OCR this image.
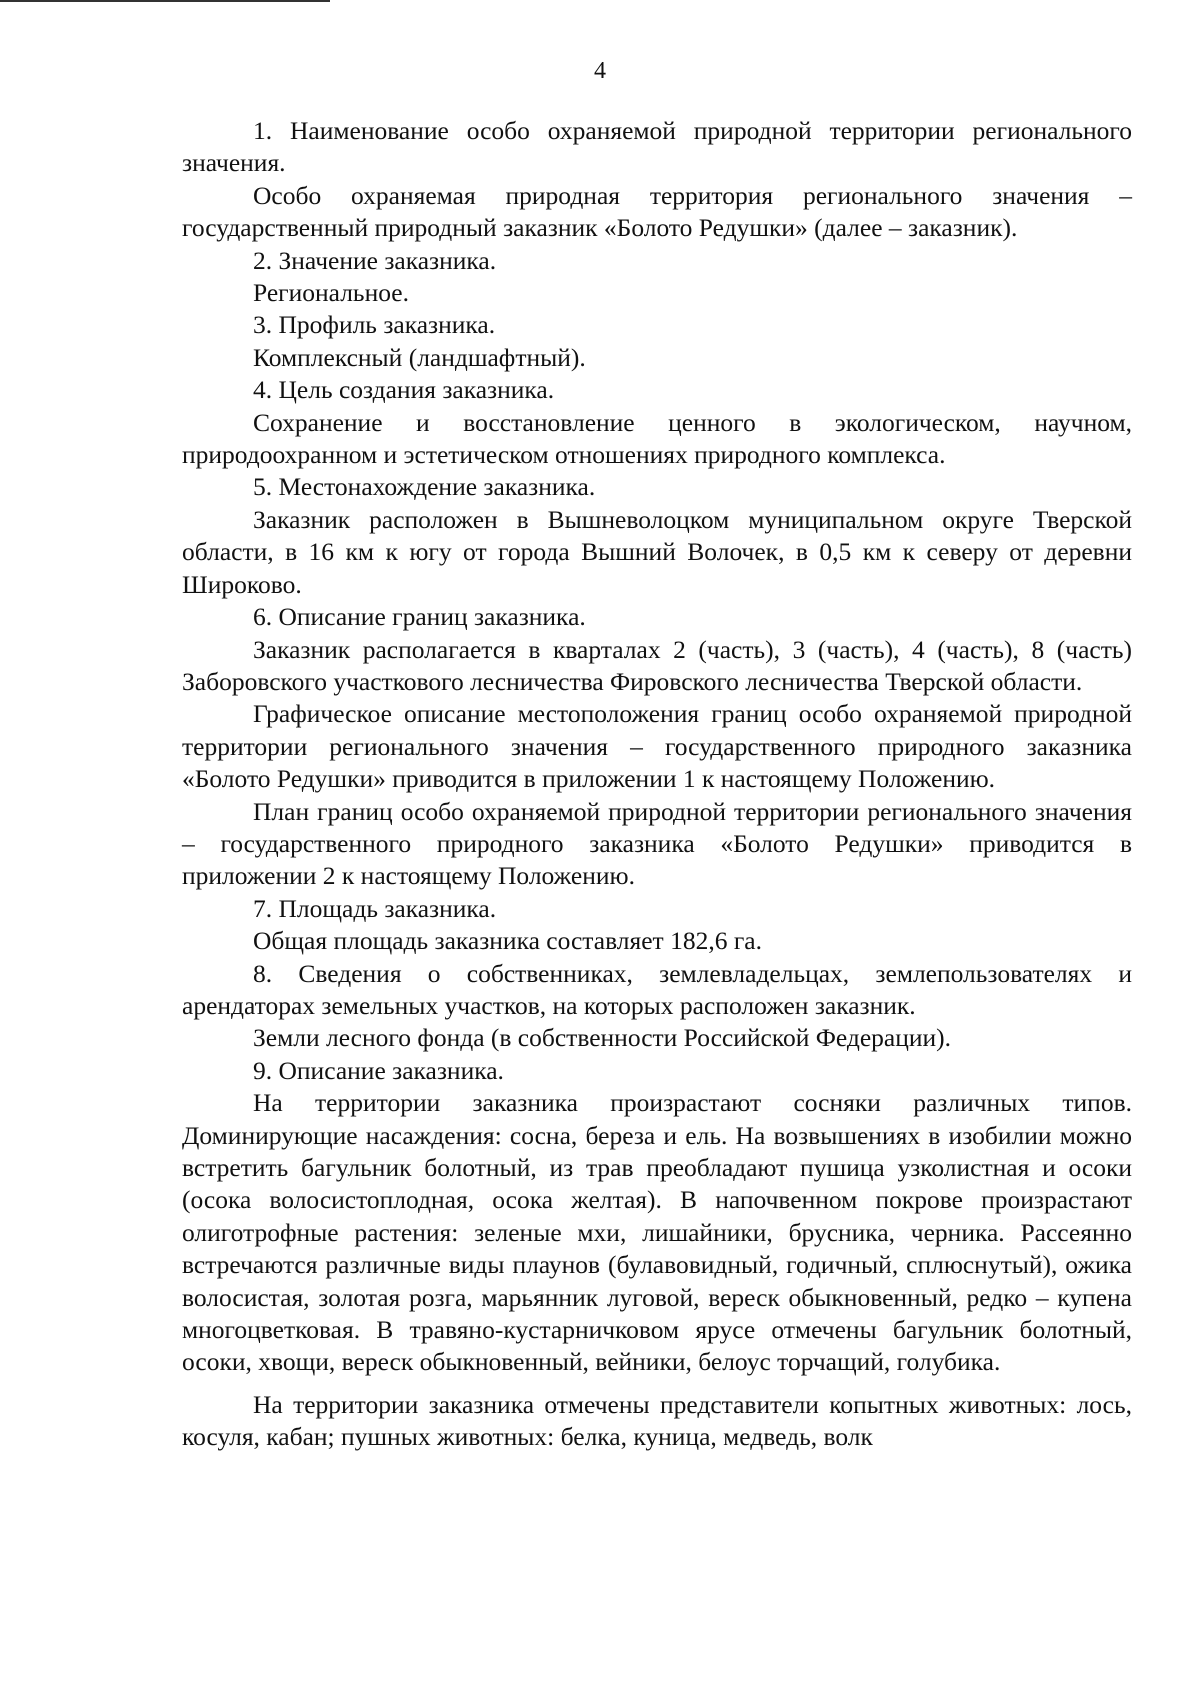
4

1. Наименование особо охраняемой природной территории регионального значения.

Особо охраняемая природная территория регионального значения – государственный природный заказник «Болото Редушки» (далее – заказник).

2. Значение заказника.

Региональное.

3. Профиль заказника.

Комплексный (ландшафтный).

4. Цель создания заказника.

Сохранение и восстановление ценного в экологическом, научном, природоохранном и эстетическом отношениях природного комплекса.

5. Местонахождение заказника.

Заказник расположен в Вышневолоцком муниципальном округе Тверской области, в 16 км к югу от города Вышний Волочек, в 0,5 км к северу от деревни Широково.

6. Описание границ заказника.

Заказник располагается в кварталах 2 (часть), 3 (часть), 4 (часть), 8 (часть) Заборовского участкового лесничества Фировского лесничества Тверской области.

Графическое описание местоположения границ особо охраняемой природной территории регионального значения – государственного природного заказника «Болото Редушки» приводится в приложении 1 к настоящему Положению.

План границ особо охраняемой природной территории регионального значения – государственного природного заказника «Болото Редушки» приводится в приложении 2 к настоящему Положению.

7. Площадь заказника.

Общая площадь заказника составляет 182,6 га.

8. Сведения о собственниках, землевладельцах, землепользователях и арендаторах земельных участков, на которых расположен заказник.

Земли лесного фонда (в собственности Российской Федерации).

9. Описание заказника.

На территории заказника произрастают сосняки различных типов. Доминирующие насаждения: сосна, береза и ель. На возвышениях в изобилии можно встретить багульник болотный, из трав преобладают пушица узколистная и осоки (осока волосистоплодная, осока желтая). В напочвенном покрове произрастают олиготрофные растения: зеленые мхи, лишайники, брусника, черника. Рассеянно встречаются различные виды плаунов (булавовидный, годичный, сплюснутый), ожика волосистая, золотая розга, марьянник луговой, вереск обыкновенный, редко – купена многоцветковая. В травяно-кустарничковом ярусе отмечены багульник болотный, осоки, хвощи, вереск обыкновенный, вейники, белоус торчащий, голубика.

На территории заказника отмечены представители копытных животных: лось, косуля, кабан; пушных животных: белка, куница, медведь, волк
